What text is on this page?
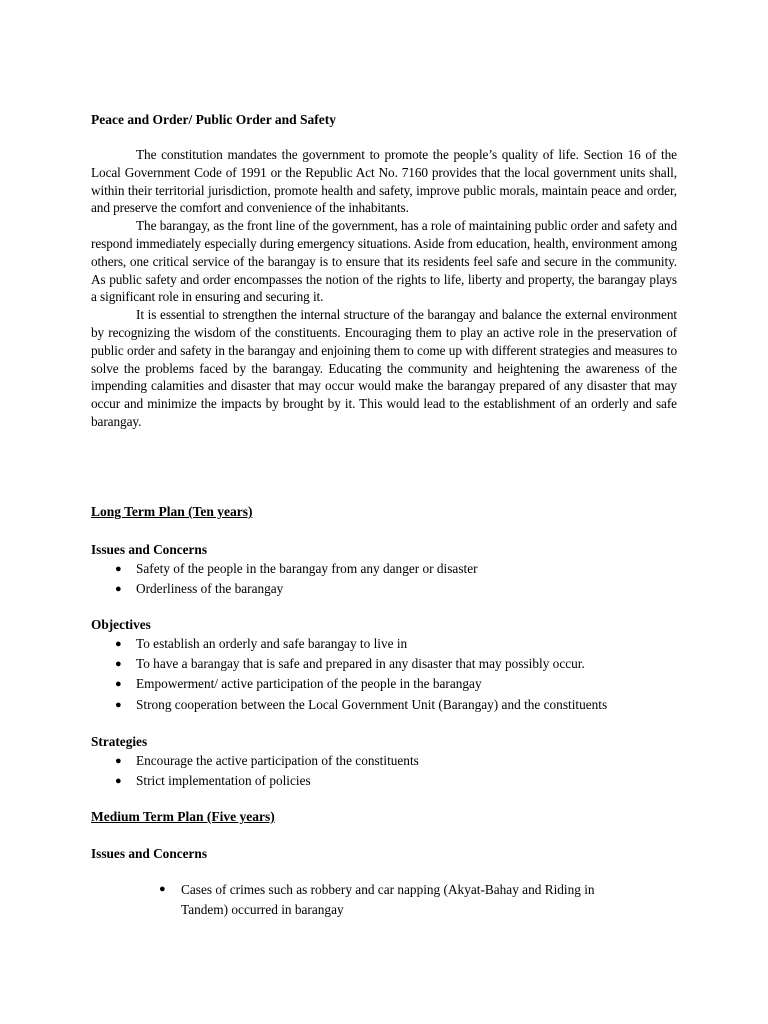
Peace and Order/ Public Order and Safety

The constitution mandates the government to promote the people’s quality of life. Section 16 of the Local Government Code of 1991 or the Republic Act No. 7160 provides that the local government units shall, within their territorial jurisdiction, promote health and safety, improve public morals, maintain peace and order, and preserve the comfort and convenience of the inhabitants.

The barangay, as the front line of the government, has a role of maintaining public order and safety and respond immediately especially during emergency situations. Aside from education, health, environment among others, one critical service of the barangay is to ensure that its residents feel safe and secure in the community. As public safety and order encompasses the notion of the rights to life, liberty and property, the barangay plays a significant role in ensuring and securing it.

It is essential to strengthen the internal structure of the barangay and balance the external environment by recognizing the wisdom of the constituents. Encouraging them to play an active role in the preservation of public order and safety in the barangay and enjoining them to come up with different strategies and measures to solve the problems faced by the barangay. Educating the community and heightening the awareness of the impending calamities and disaster that may occur would make the barangay prepared of any disaster that may occur and minimize the impacts by brought by it. This would lead to the establishment of an orderly and safe barangay.

Long Term Plan (Ten years)
Issues and Concerns
● Safety of the people in the barangay from any danger or disaster
● Orderliness of the barangay
Objectives
● To establish an orderly and safe barangay to live in
● To have a barangay that is safe and prepared in any disaster that may possibly occur.
● Empowerment/ active participation of the people in the barangay
● Strong cooperation between the Local Government Unit (Barangay) and the constituents
Strategies
● Encourage the active participation of the constituents
● Strict implementation of policies
Medium Term Plan (Five years)
Issues and Concerns
● Cases of crimes such as robbery and car napping (Akyat-Bahay and Riding in Tandem) occurred in barangay
